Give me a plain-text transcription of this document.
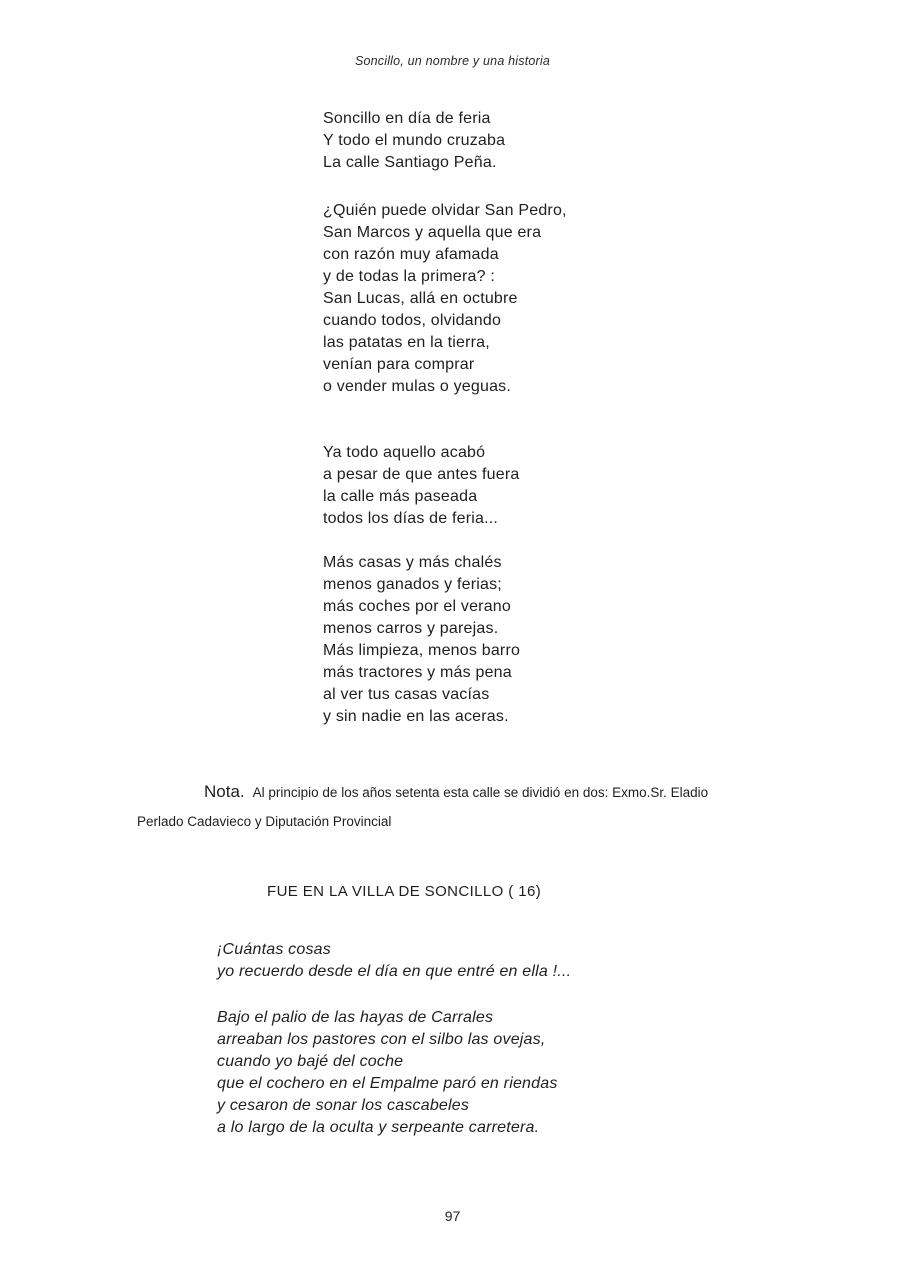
Soncillo, un nombre y una historia
Soncillo en día de feria
Y todo el mundo cruzaba
La calle Santiago Peña.
¿Quién puede olvidar San Pedro,
San Marcos y aquella que era
con razón muy afamada
y de todas la primera? :
San Lucas, allá en octubre
cuando todos, olvidando
las patatas en la tierra,
venían para comprar
o vender mulas o yeguas.
Ya todo aquello acabó
a pesar de que antes fuera
la calle más paseada
todos los días de feria...
Más casas y más chalés
menos ganados y ferias;
más coches por el verano
menos carros y parejas.
Más limpieza, menos barro
más tractores y más pena
al ver tus casas vacías
y sin nadie en las aceras.
Nota. Al principio de los años setenta esta calle se dividió en dos: Exmo.Sr. Eladio
Perlado Cadavieco y Diputación Provincial
FUE EN LA VILLA DE SONCILLO ( 16)
¡Cuántas cosas
yo recuerdo desde el día en que entré en ella !...
Bajo el palio de las hayas de Carrales
arreaban los pastores con el silbo las ovejas,
cuando yo bajé del coche
que el cochero en el Empalme paró en riendas
y cesaron de sonar los cascabeles
a lo largo de la oculta y serpeante carretera.
97
